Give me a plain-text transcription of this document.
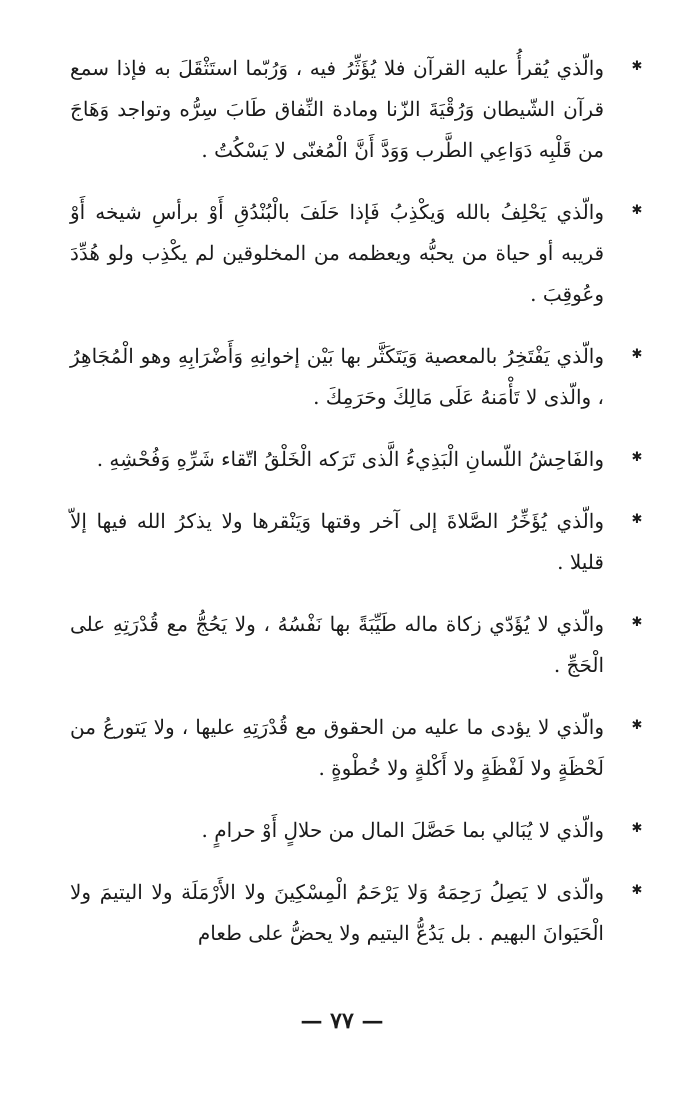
✱
والّذي يُقرأُ عليه القرآن فلا يُؤَثِّرُ فيه ، وَرُبّما استَثْقَلَ به فإذا سمع قرآن الشّيطان وَرُقْيَةَ الزّنا ومادة النِّفاق طَابَ سِرُّه وتواجد وَهَاجَ من قَلْبِه دَوَاعِي الطَّرب وَوَدَّ أَنَّ الْمُغنّى لا يَسْكُتُ .
✱
والّذي يَحْلِفُ بالله وَيكْذِبُ فَإذا حَلَفَ بالْبُنْدُقِ أَوْ برأسِ شيخه أَوْ قريبه أو حياة من يحبُّه ويعظمه من المخلوقين لم يكْذِب ولو هُدِّدَ وعُوقِبَ .
✱
والّذي يَفْتَخِرُ بالمعصية وَيَتَكَثَّر بها بَيْن إخوانِهِ وَأَضْرَابِهِ وهو الْمُجَاهِرُ ، والّذى لا تَأْمَنهُ عَلَى مَالِكَ وحَرَمِكَ .
✱
والفَاحِشُ اللّسانِ الْبَذِيءُ الَّذى تَرَكه الْخَلْقُ اتّقاء شَرِّهِ وَفُحْشِهِ .
✱
والّذي يُؤَخِّرُ الصَّلاةَ إلى آخر وقتها وَيَنْقرها ولا يذكرُ الله فيها إلاّ قليلا .
✱
والّذي لا يُؤَدّي زكاة ماله طَيِّبَةً بها نَفْسُهُ ، ولا يَحُجُّ مع قُدْرَتِهِ على الْحَجِّ .
✱
والّذي لا يؤدى ما عليه من الحقوق مع قُدْرَتِهِ عليها ، ولا يَتورعُ من لَحْظَةٍ ولا لَفْظَةٍ ولا أَكْلةٍ ولا خُطْوةٍ .
✱
والّذي لا يُبَالي بما حَصَّلَ المال من حلالٍ أَوْ حرامٍ .
✱
والّذى لا يَصِلُ رَحِمَهُ وَلا يَرْحَمُ الْمِسْكِينَ ولا الأَرْمَلَة ولا اليتيمَ ولا الْحَيَوانَ البهيم . بل يَدُعُّ اليتيم ولا يحضُّ على طعام
— ٧٧ —
